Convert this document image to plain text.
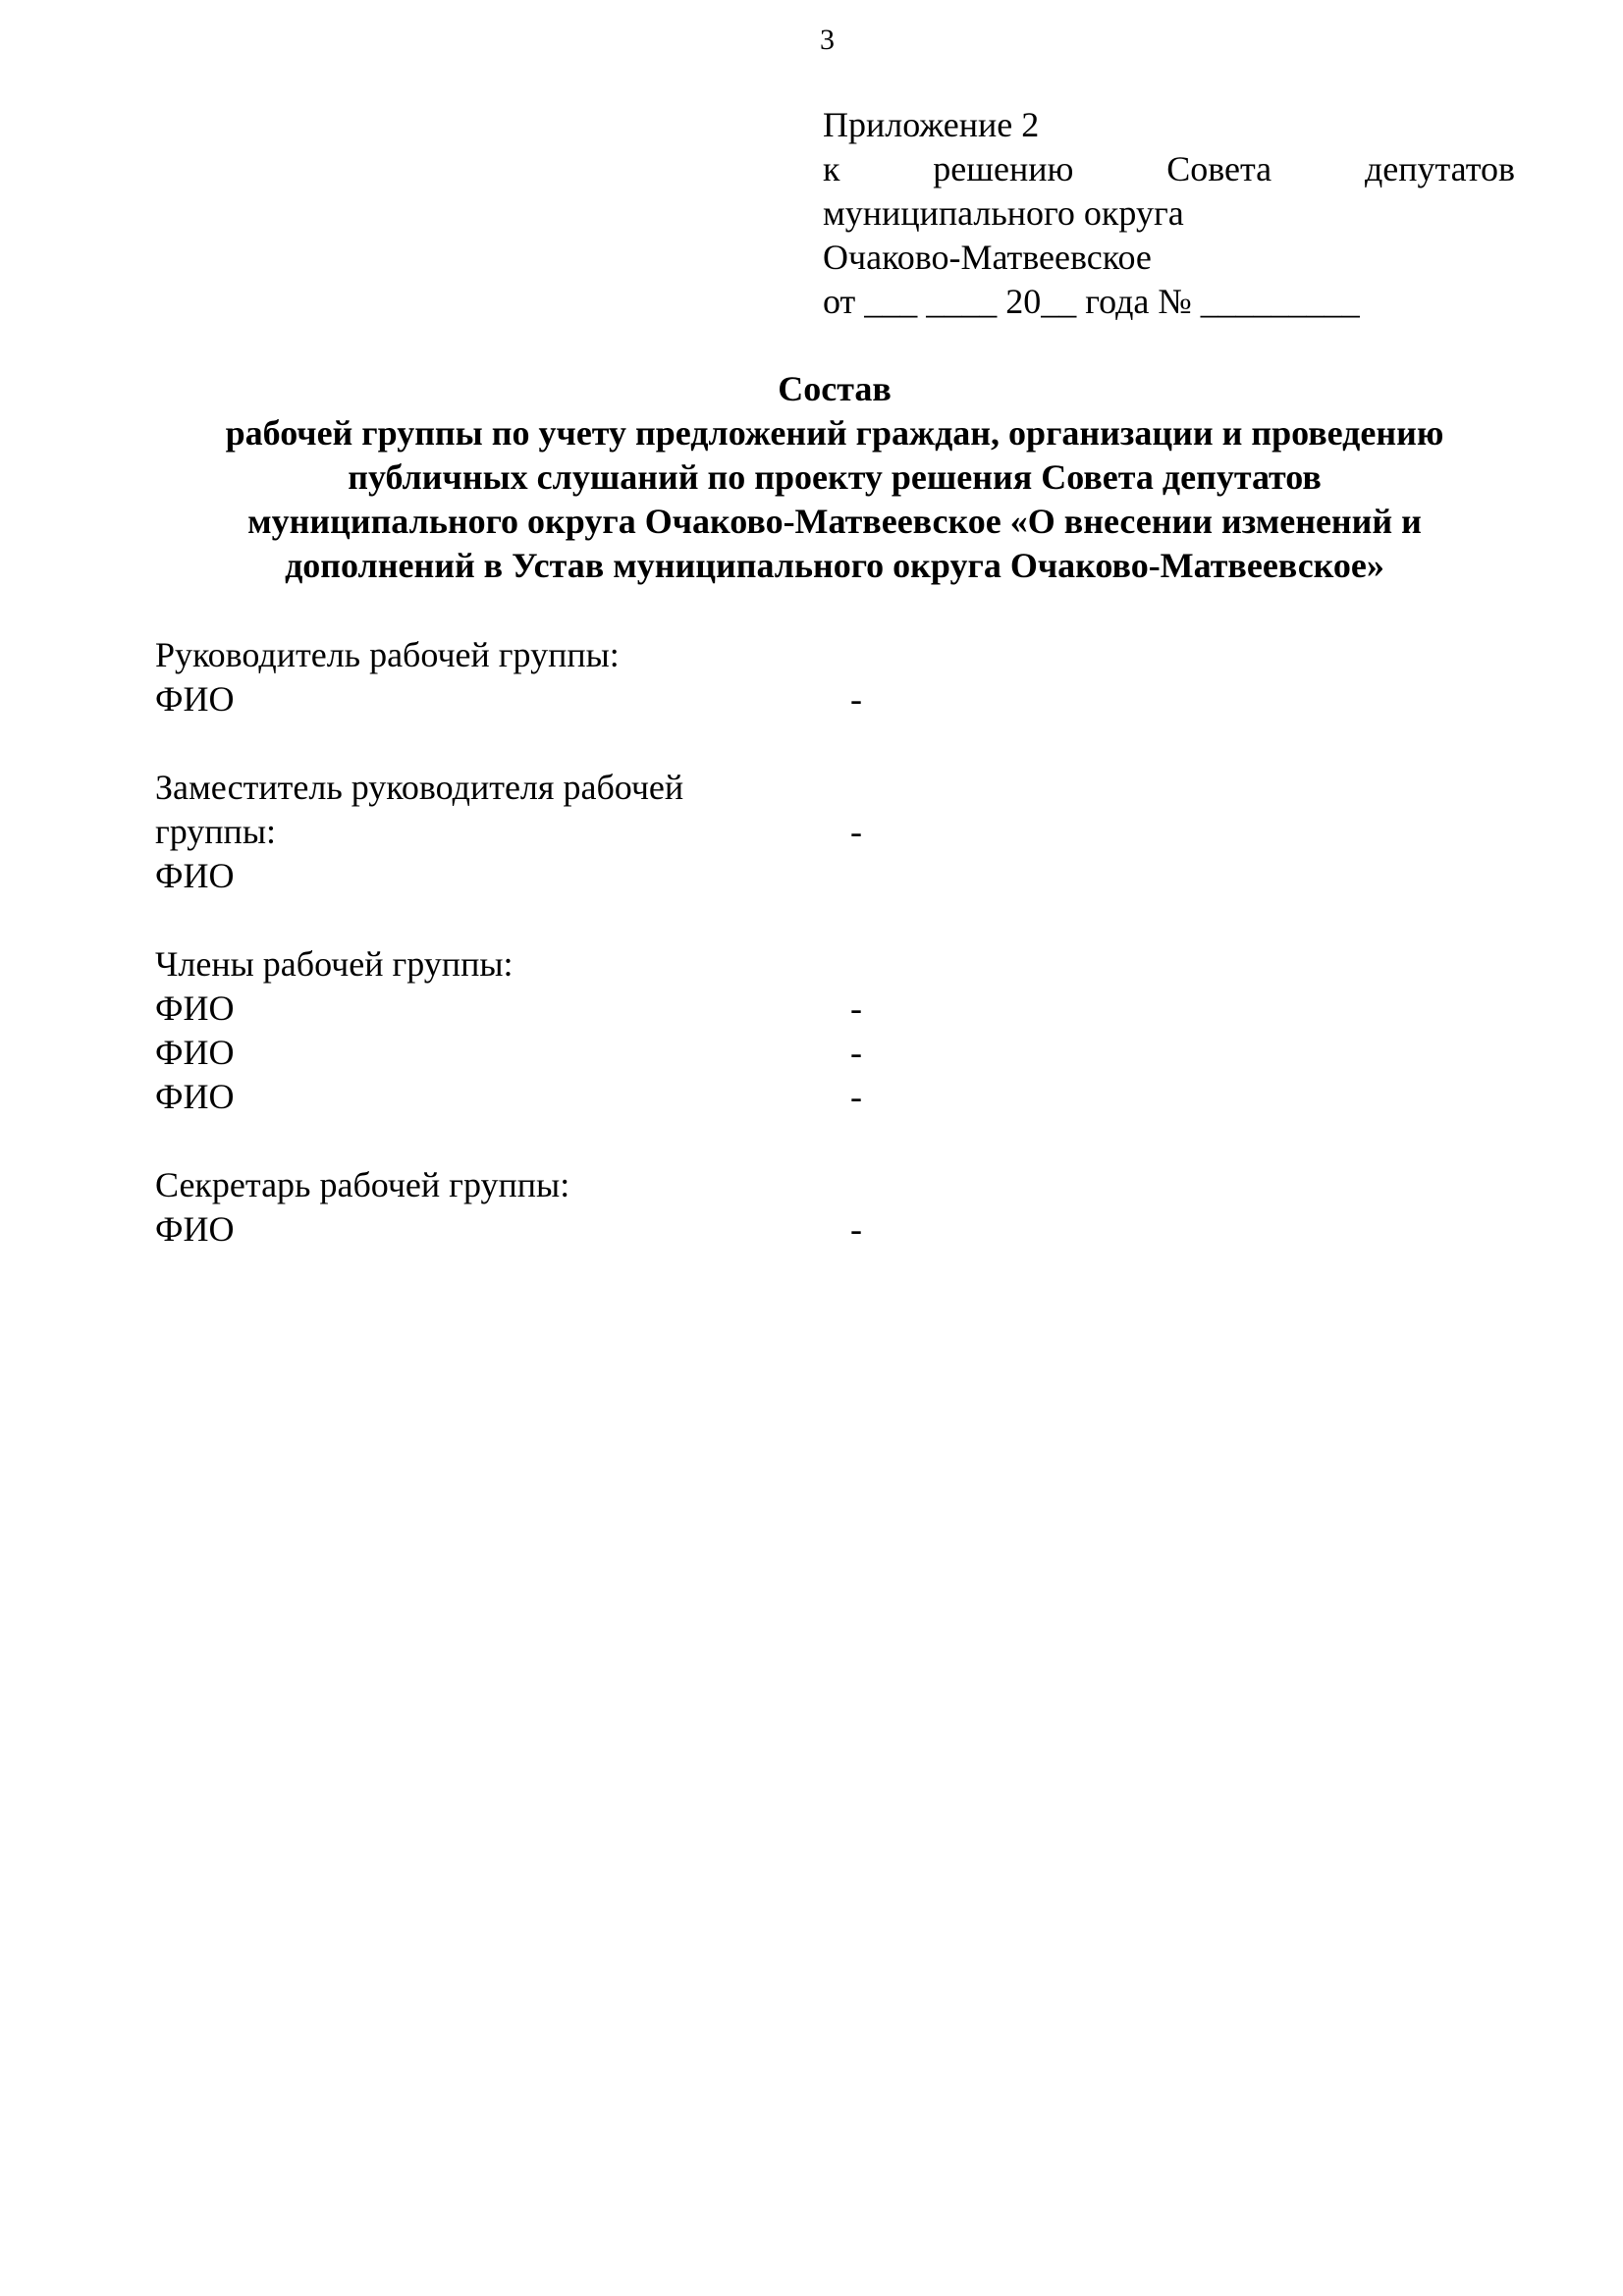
3
Приложение 2
к	решению	Совета	депутатов
муниципального округа
Очаково-Матвеевское
от ___ ____ 20__ года № _________
Состав
рабочей группы по учету предложений граждан, организации и проведению
публичных слушаний по проекту решения Совета депутатов
муниципального округа Очаково-Матвеевское «О внесении изменений и
дополнений в Устав муниципального округа Очаково-Матвеевское»
Руководитель рабочей группы:
ФИО	-
Заместитель руководителя рабочей
группы:	-
ФИО
Члены рабочей группы:
ФИО	-
ФИО	-
ФИО	-
Секретарь рабочей группы:
ФИО	-
